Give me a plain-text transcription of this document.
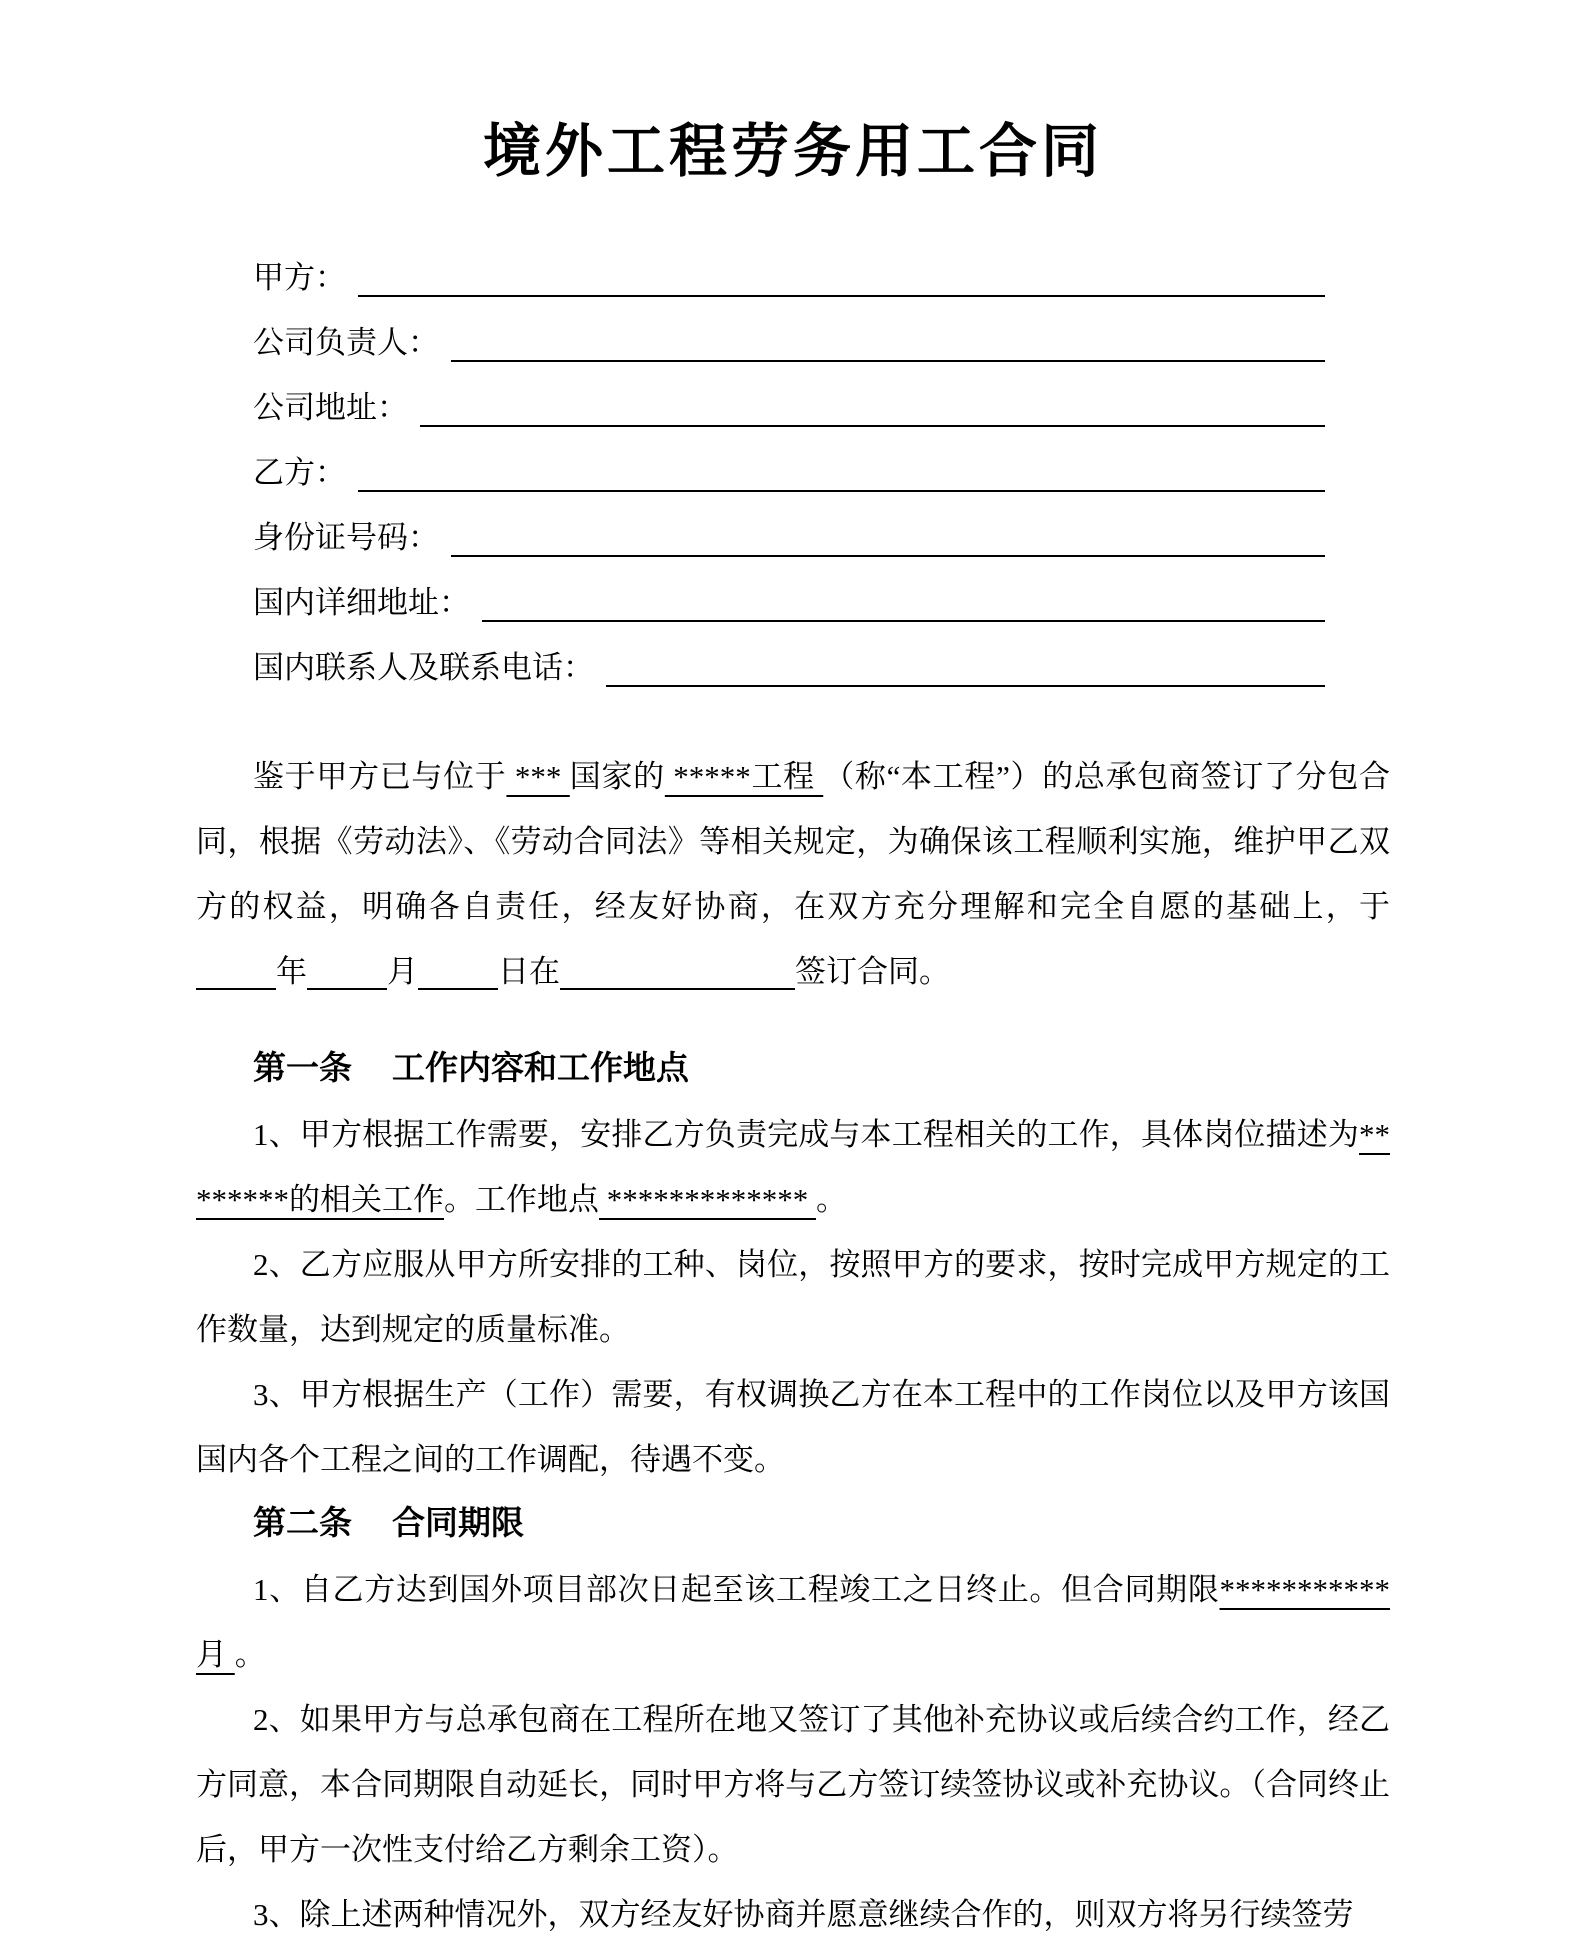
境外工程劳务用工合同
甲方：
公司负责人：
公司地址：
乙方：
身份证号码：
国内详细地址：
国内联系人及联系电话：

鉴于甲方已与位于 *** 国家的 *****工程 （称“本工程”）的总承包商签订了分包合同，根据《劳动法》、《劳动合同法》等相关规定，为确保该工程顺利实施，维护甲乙双方的权益，明确各自责任，经友好协商，在双方充分理解和完全自愿的基础上，于年	月	日在	签订合同。

第一条 工作内容和工作地点

1、甲方根据工作需要，安排乙方负责完成与本工程相关的工作，具体岗位描述为********的相关工作。工作地点 ************* 。

2、乙方应服从甲方所安排的工种、岗位，按照甲方的要求，按时完成甲方规定的工作数量，达到规定的质量标准。

3、甲方根据生产（工作）需要，有权调换乙方在本工程中的工作岗位以及甲方该国国内各个工程之间的工作调配，待遇不变。

第二条 合同期限

1、自乙方达到国外项目部次日起至该工程竣工之日终止。但合同期限***********月 。

2、如果甲方与总承包商在工程所在地又签订了其他补充协议或后续合约工作，经乙方同意，本合同期限自动延长，同时甲方将与乙方签订续签协议或补充协议。（合同终止后，甲方一次性支付给乙方剩余工资）。

3、除上述两种情况外，双方经友好协商并愿意继续合作的，则双方将另行续签劳
